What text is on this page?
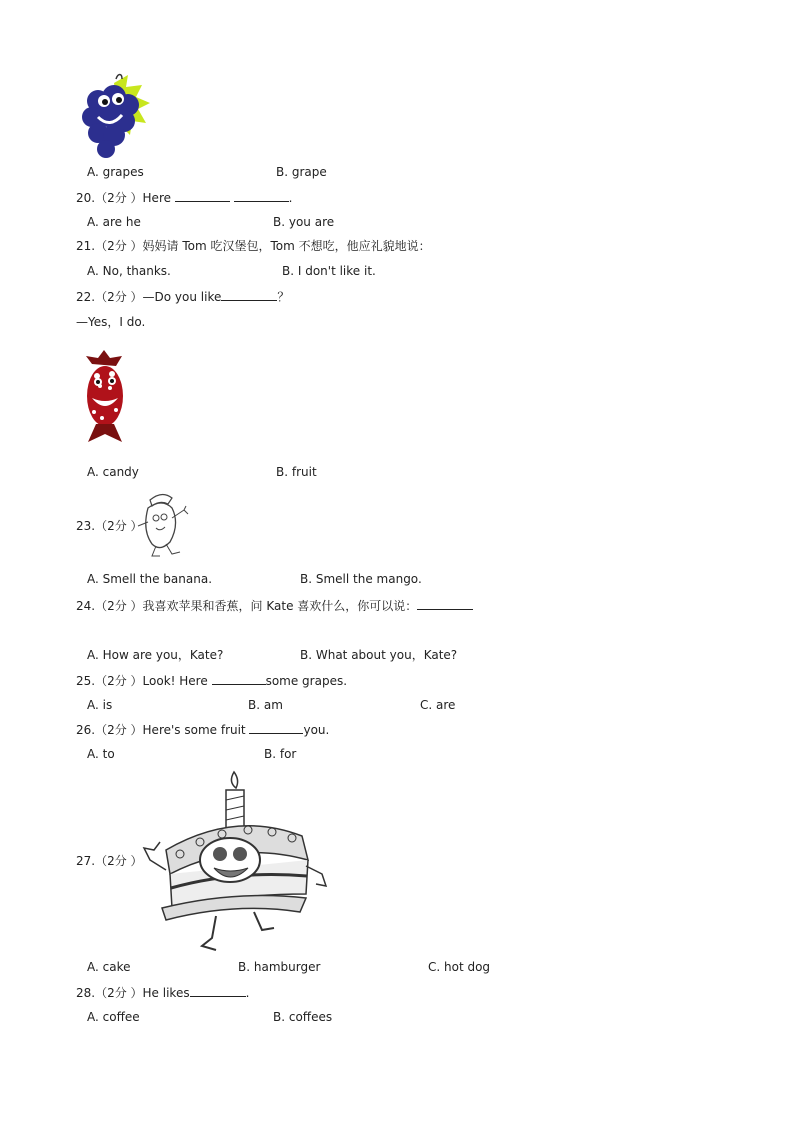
A. grapes	B. grape
20.（2分 ）Here	.
A. are he	B. you are
21.（2分 ）妈妈请 Tom 吃汉堡包，Tom 不想吃，他应礼貌地说：
A. No, thanks.	B. I don't like it.
22.（2分 ）—Do you like	？
—Yes，I do.
A. candy	B. fruit
23.（2分 ）
A. Smell the banana.	B. Smell the mango.
24.（2分 ）我喜欢苹果和香蕉，问 Kate 喜欢什么，你可以说：
A. How are you，Kate?	B. What about you，Kate?
25.（2分 ）Look! Here	some grapes.
A. is	B. am	C. are
26.（2分 ）Here's some fruit	you.
A. to	B. for
27.（2分 ）
A. cake	B. hamburger	C. hot dog
28.（2分 ）He likes	.
A. coffee	B. coffees
